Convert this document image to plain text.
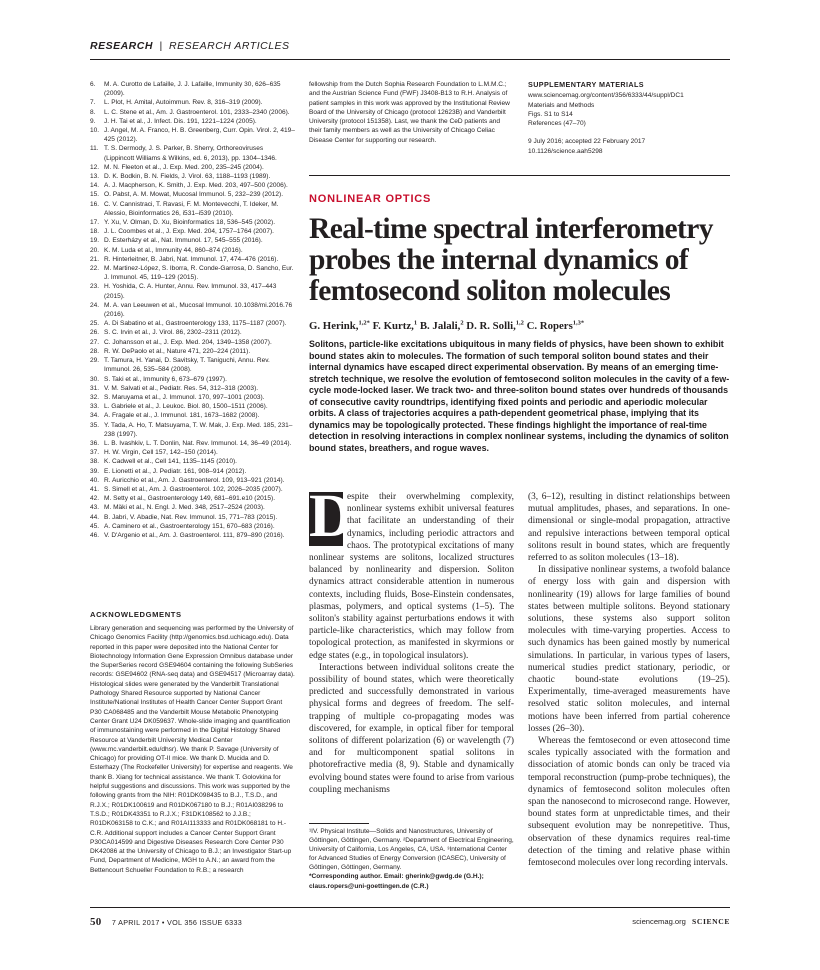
RESEARCH | RESEARCH ARTICLES
6.	M. A. Curotto de Lafaille, J. J. Lafaille, Immunity 30, 626–635 (2009).
7.	L. Plot, H. Amital, Autoimmun. Rev. 8, 316–319 (2009).
8.	L. C. Stene et al., Am. J. Gastroenterol. 101, 2333–2340 (2006).
9.	J. H. Tai et al., J. Infect. Dis. 191, 1221–1224 (2005).
10. J. Angel, M. A. Franco, H. B. Greenberg, Curr. Opin. Virol. 2, 419–425 (2012).
11. T. S. Dermody, J. S. Parker, B. Sherry, Orthoreoviruses (Lippincott Williams & Wilkins, ed. 6, 2013), pp. 1304–1346.
12. M. N. Fleeton et al., J. Exp. Med. 200, 235–245 (2004).
13. D. K. Bodkin, B. N. Fields, J. Virol. 63, 1188–1193 (1989).
14. A. J. Macpherson, K. Smith, J. Exp. Med. 203, 497–500 (2006).
15. O. Pabst, A. M. Mowat, Mucosal Immunol. 5, 232–239 (2012).
16. C. V. Cannistraci, T. Ravasi, F. M. Montevecchi, T. Ideker, M. Alessio, Bioinformatics 26, i531–i539 (2010).
17. Y. Xu, V. Olman, D. Xu, Bioinformatics 18, 536–545 (2002).
18. J. L. Coombes et al., J. Exp. Med. 204, 1757–1764 (2007).
19. D. Esterházy et al., Nat. Immunol. 17, 545–555 (2016).
20. K. M. Luda et al., Immunity 44, 860–874 (2016).
21. R. Hinterleitner, B. Jabri, Nat. Immunol. 17, 474–476 (2016).
22. M. Martinez-López, S. Iborra, R. Conde-Garrosa, D. Sancho, Eur. J. Immunol. 45, 119–129 (2015).
23. H. Yoshida, C. A. Hunter, Annu. Rev. Immunol. 33, 417–443 (2015).
24. M. A. van Leeuwen et al., Mucosal Immunol. 10.1038/mi.2016.76 (2016).
25. A. Di Sabatino et al., Gastroenterology 133, 1175–1187 (2007).
26. S. C. Irvin et al., J. Virol. 86, 2302–2311 (2012).
27. C. Johansson et al., J. Exp. Med. 204, 1349–1358 (2007).
28. R. W. DePaolo et al., Nature 471, 220–224 (2011).
29. T. Tamura, H. Yanai, D. Savitsky, T. Taniguchi, Annu. Rev. Immunol. 26, 535–584 (2008).
30. S. Taki et al., Immunity 6, 673–679 (1997).
31. V. M. Salvati et al., Pediatr. Res. 54, 312–318 (2003).
32. S. Maruyama et al., J. Immunol. 170, 997–1001 (2003).
33. L. Gabriele et al., J. Leukoc. Biol. 80, 1500–1511 (2006).
34. A. Fragale et al., J. Immunol. 181, 1673–1682 (2008).
35. Y. Tada, A. Ho, T. Matsuyama, T. W. Mak, J. Exp. Med. 185, 231–238 (1997).
36. L. B. Ivashkiv, L. T. Donlin, Nat. Rev. Immunol. 14, 36–49 (2014).
37. H. W. Virgin, Cell 157, 142–150 (2014).
38. K. Cadwell et al., Cell 141, 1135–1145 (2010).
39. E. Lionetti et al., J. Pediatr. 161, 908–914 (2012).
40. R. Auricchio et al., Am. J. Gastroenterol. 109, 913–921 (2014).
41. S. Simell et al., Am. J. Gastroenterol. 102, 2026–2035 (2007).
42. M. Setty et al., Gastroenterology 149, 681–691.e10 (2015).
43. M. Mäki et al., N. Engl. J. Med. 348, 2517–2524 (2003).
44. B. Jabri, V. Abadie, Nat. Rev. Immunol. 15, 771–783 (2015).
45. A. Caminero et al., Gastroenterology 151, 670–683 (2016).
46. V. D'Argenio et al., Am. J. Gastroenterol. 111, 879–890 (2016).
ACKNOWLEDGMENTS
Library generation and sequencing was performed by the University of Chicago Genomics Facility (http://genomics.bsd.uchicago.edu). Data reported in this paper were deposited into the National Center for Biotechnology Information Gene Expression Omnibus database under the SuperSeries record GSE94604 containing the following SubSeries records: GSE94602 (RNA-seq data) and GSE94517 (Microarray data). Histological slides were generated by the Vanderbilt Translational Pathology Shared Resource supported by National Cancer Institute/National Institutes of Health Cancer Center Support Grant P30 CA068485 and the Vanderbilt Mouse Metabolic Phenotyping Center Grant U24 DK059637. Whole-slide imaging and quantification of immunostaining were performed in the Digital Histology Shared Resource at Vanderbilt University Medical Center (www.mc.vanderbilt.edu/dhsr). We thank P. Savage (University of Chicago) for providing OT-II mice. We thank D. Mucida and D. Esterhazy (The Rockefeller University) for expertise and reagents. We thank B. Xiang for technical assistance. We thank T. Golovkina for helpful suggestions and discussions. This work was supported by the following grants from the NIH: R01DK098435 to B.J., T.S.D., and R.J.X.; R01DK100619 and R01DK067180 to B.J.; R01AI038296 to T.S.D.; R01DK43351 to R.J.X.; F31DK108562 to J.J.B.; R01DK063158 to C.K.; and R01AI113333 and R01DK068181 to H.-C.R. Additional support includes a Cancer Center Support Grant P30CA014599 and Digestive Diseases Research Core Center P30 DK42086 at the University of Chicago to B.J.; an Investigator Start-up Fund, Department of Medicine, MGH to A.N.; an award from the Bettencourt Schueller Foundation to R.B.; a research
fellowship from the Dutch Sophia Research Foundation to L.M.M.C.; and the Austrian Science Fund (FWF) J3408-B13 to R.H. Analysis of patient samples in this work was approved by the Institutional Review Board of the University of Chicago (protocol 12623B) and Vanderbilt University (protocol 151358). Last, we thank the CeD patients and their family members as well as the University of Chicago Celiac Disease Center for supporting our research.
SUPPLEMENTARY MATERIALS
www.sciencemag.org/content/356/6333/44/suppl/DC1
Materials and Methods
Figs. S1 to S14
References (47–70)
9 July 2016; accepted 22 February 2017
10.1126/science.aah5298
NONLINEAR OPTICS
Real-time spectral interferometry probes the internal dynamics of femtosecond soliton molecules
G. Herink,$^{1,2*}$ F. Kurtz,$^1$ B. Jalali,$^2$ D. R. Solli,$^{1,2}$ C. Ropers$^{1,3*}$
Solitons, particle-like excitations ubiquitous in many fields of physics, have been shown to exhibit bound states akin to molecules. The formation of such temporal soliton bound states and their internal dynamics have escaped direct experimental observation. By means of an emerging time-stretch technique, we resolve the evolution of femtosecond soliton molecules in the cavity of a few-cycle mode-locked laser. We track two- and three-soliton bound states over hundreds of thousands of consecutive cavity roundtrips, identifying fixed points and periodic and aperiodic molecular orbits. A class of trajectories acquires a path-dependent geometrical phase, implying that its dynamics may be topologically protected. These findings highlight the importance of real-time detection in resolving interactions in complex nonlinear systems, including the dynamics of soliton bound states, breathers, and rogue waves.

D
espite their overwhelming complexity, nonlinear systems exhibit universal features that facilitate an understanding of their dynamics, including periodic attractors and chaos. The prototypical excitations of many nonlinear systems are solitons, localized structures balanced by nonlinearity and dispersion. Soliton dynamics attract considerable attention in numerous contexts, including fluids, Bose-Einstein condensates, plasmas, polymers, and optical systems (1–5). The soliton's stability against perturbations endows it with particle-like characteristics, which may follow from topological protection, as manifested in skyrmions or edge states (e.g., in topological insulators).

Interactions between individual solitons create the possibility of bound states, which were theoretically predicted and successfully demonstrated in various physical forms and degrees of freedom. The self-trapping of multiple co-propagating modes was discovered, for example, in optical fiber for temporal solitons of different polarization (6) or wavelength (7) and for multicomponent spatial solitons in photorefractive media (8, 9). Stable and dynamically evolving bound states were found to arise from various coupling mechanisms

(3, 6–12), resulting in distinct relationships between mutual amplitudes, phases, and separations. In one-dimensional or single-modal propagation, attractive and repulsive interactions between temporal optical solitons result in bound states, which are frequently referred to as soliton molecules (13–18).

In dissipative nonlinear systems, a twofold balance of energy loss with gain and dispersion with nonlinearity (19) allows for large families of bound states between multiple solitons. Beyond stationary solutions, these systems also support soliton molecules with time-varying properties. Access to such dynamics has been gained mostly by numerical simulations. In particular, in various types of lasers, numerical studies predict stationary, periodic, or chaotic bound-state evolutions (19–25). Experimentally, time-averaged measurements have resolved static soliton molecules, and internal motions have been inferred from partial coherence losses (26–30).

Whereas the femtosecond or even attosecond time scales typically associated with the formation and dissociation of atomic bonds can only be traced via temporal reconstruction (pump-probe techniques), the dynamics of femtosecond soliton molecules often span the nanosecond to microsecond range. However, bound states form at unpredictable times, and their subsequent evolution may be nonrepetitive. Thus, observation of these dynamics requires real-time detection of the timing and relative phase within femtosecond molecules over long recording intervals.

¹IV. Physical Institute—Solids and Nanostructures, University of Göttingen, Göttingen, Germany. ²Department of Electrical Engineering, University of California, Los Angeles, CA, USA. ³International Center for Advanced Studies of Energy Conversion (ICASEC), University of Göttingen, Göttingen, Germany.
*Corresponding author. Email: gherink@gwdg.de (G.H.); claus.ropers@uni-goettingen.de (C.R.)
50 7 APRIL 2017 • VOL 356 ISSUE 6333	sciencemag.org SCIENCE
